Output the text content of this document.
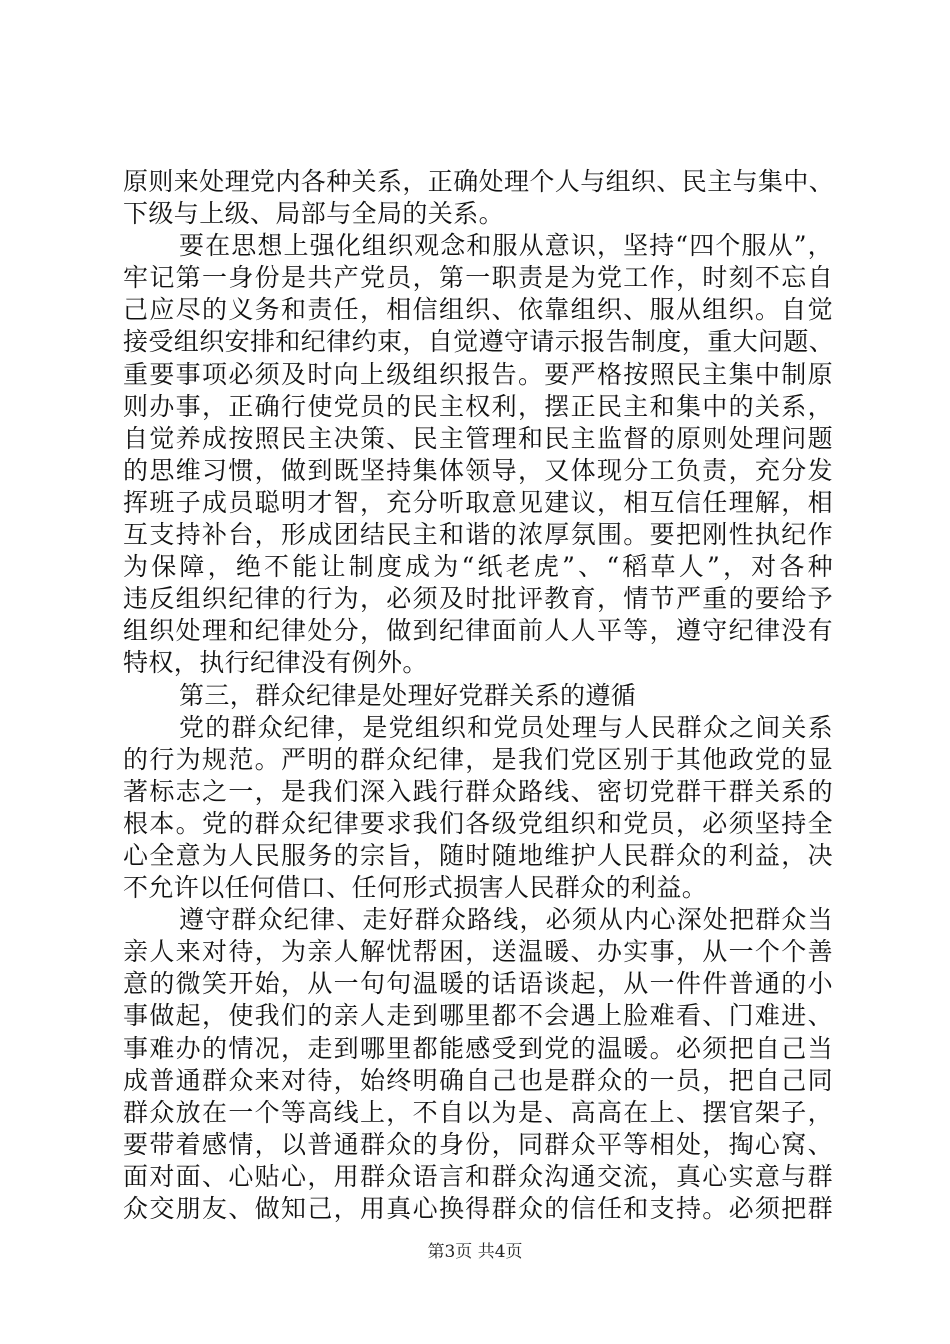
原则来处理党内各种关系，正确处理个人与组织、民主与集中、
下级与上级、局部与全局的关系。
要在思想上强化组织观念和服从意识，坚持“四个服从”，
牢记第一身份是共产党员，第一职责是为党工作，时刻不忘自
己应尽的义务和责任，相信组织、依靠组织、服从组织。自觉
接受组织安排和纪律约束，自觉遵守请示报告制度，重大问题、
重要事项必须及时向上级组织报告。要严格按照民主集中制原
则办事，正确行使党员的民主权利，摆正民主和集中的关系，
自觉养成按照民主决策、民主管理和民主监督的原则处理问题
的思维习惯，做到既坚持集体领导，又体现分工负责，充分发
挥班子成员聪明才智，充分听取意见建议，相互信任理解，相
互支持补台，形成团结民主和谐的浓厚氛围。要把刚性执纪作
为保障，绝不能让制度成为“纸老虎”、“稻草人”，对各种
违反组织纪律的行为，必须及时批评教育，情节严重的要给予
组织处理和纪律处分，做到纪律面前人人平等，遵守纪律没有
特权，执行纪律没有例外。
第三，群众纪律是处理好党群关系的遵循
党的群众纪律，是党组织和党员处理与人民群众之间关系
的行为规范。严明的群众纪律，是我们党区别于其他政党的显
著标志之一，是我们深入践行群众路线、密切党群干群关系的
根本。党的群众纪律要求我们各级党组织和党员，必须坚持全
心全意为人民服务的宗旨，随时随地维护人民群众的利益，决
不允许以任何借口、任何形式损害人民群众的利益。
遵守群众纪律、走好群众路线，必须从内心深处把群众当
亲人来对待，为亲人解忧帮困，送温暖、办实事，从一个个善
意的微笑开始，从一句句温暖的话语谈起，从一件件普通的小
事做起，使我们的亲人走到哪里都不会遇上脸难看、门难进、
事难办的情况，走到哪里都能感受到党的温暖。必须把自己当
成普通群众来对待，始终明确自己也是群众的一员，把自己同
群众放在一个等高线上，不自以为是、高高在上、摆官架子，
要带着感情，以普通群众的身份，同群众平等相处，掏心窝、
面对面、心贴心，用群众语言和群众沟通交流，真心实意与群
众交朋友、做知己，用真心换得群众的信任和支持。必须把群
第3页 共4页
